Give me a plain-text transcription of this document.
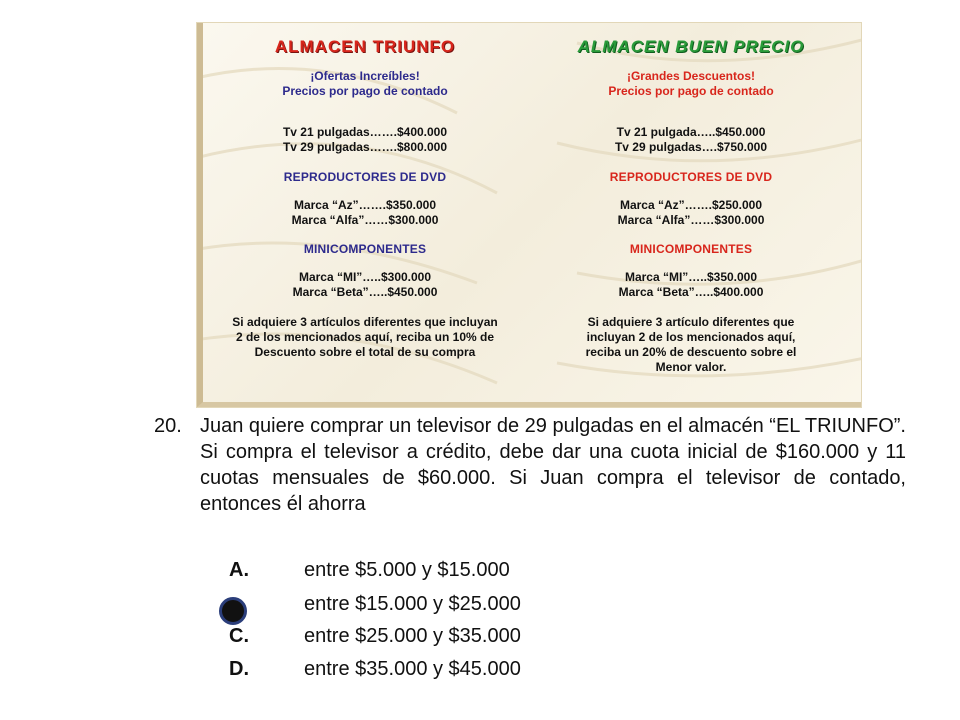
ALMACEN TRIUNFO
¡Ofertas Increíbles!
Precios por pago de contado
Tv 21 pulgadas…….$400.000
Tv 29 pulgadas…….$800.000
REPRODUCTORES DE DVD
Marca “Az”…….$350.000
Marca “Alfa”……$300.000
MINICOMPONENTES
Marca “MI”…..$300.000
Marca “Beta”…..$450.000
Si adquiere 3 artículos diferentes que incluyan
2 de los mencionados aquí, reciba un 10% de
Descuento sobre el total de su compra
ALMACEN BUEN PRECIO
¡Grandes Descuentos!
Precios por pago de contado
Tv 21 pulgada…..$450.000
Tv 29 pulgadas….$750.000
REPRODUCTORES DE DVD
Marca “Az”…….$250.000
Marca “Alfa”……$300.000
MINICOMPONENTES
Marca “MI”…..$350.000
Marca “Beta”…..$400.000
Si adquiere 3 artículo diferentes que
incluyan 2 de los mencionados aquí,
reciba un 20% de descuento sobre el
Menor valor.
20. Juan quiere comprar un televisor de 29 pulgadas en el almacén “EL TRIUNFO”. Si compra el televisor a crédito, debe dar una cuota inicial de $160.000 y 11 cuotas mensuales de $60.000. Si Juan compra el televisor de contado, entonces él ahorra
A.	entre $5.000 y $15.000
entre $15.000 y $25.000
C.	entre $25.000 y $35.000
D.	entre $35.000 y $45.000
